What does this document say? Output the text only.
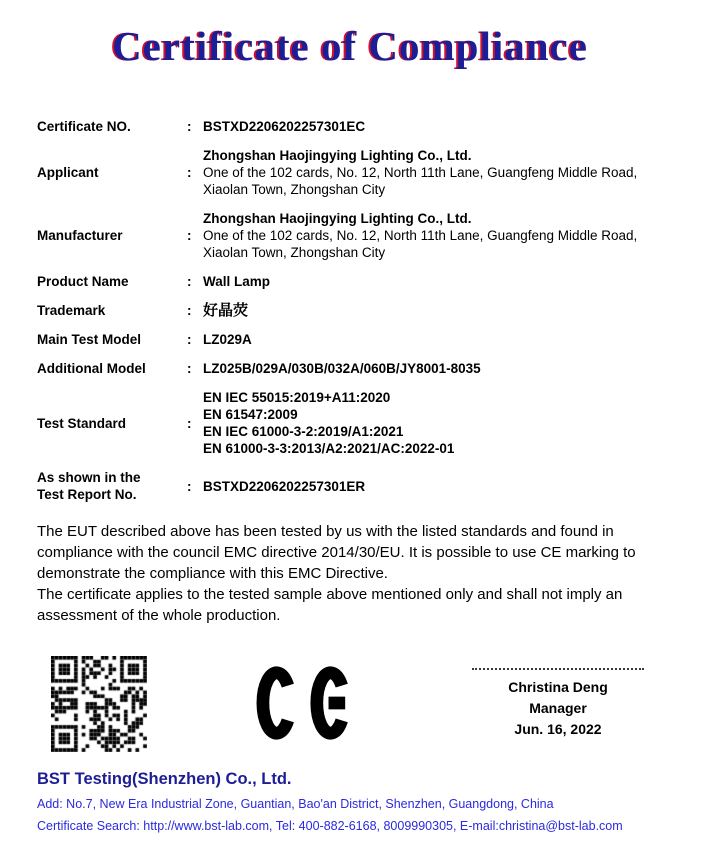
Certificate of Compliance
Certificate NO.	: BSTXD2206202257301EC
Applicant	:
Zhongshan Haojingying Lighting Co., Ltd.
One of the 102 cards, No. 12, North 11th Lane, Guangfeng Middle Road, Xiaolan Town, Zhongshan City
Manufacturer	:
Zhongshan Haojingying Lighting Co., Ltd.
One of the 102 cards, No. 12, North 11th Lane, Guangfeng Middle Road, Xiaolan Town, Zhongshan City
Product Name	: Wall Lamp
Trademark	: 好晶荧
Main Test Model	: LZ029A
Additional Model	: LZ025B/029A/030B/032A/060B/JY8001-8035
Test Standard	:
EN IEC 55015:2019+A11:2020
EN 61547:2009
EN IEC 61000-3-2:2019/A1:2021
EN 61000-3-3:2013/A2:2021/AC:2022-01
As shown in the
Test Report No.
: BSTXD2206202257301ER

The EUT described above has been tested by us with the listed standards and found in compliance with the council EMC directive 2014/30/EU. It is possible to use CE marking to demonstrate the compliance with this EMC Directive.

The certificate applies to the tested sample above mentioned only and shall not imply an assessment of the whole production.

Christina Deng
Manager
Jun. 16, 2022
BST Testing(Shenzhen) Co., Ltd.
Add: No.7, New Era Industrial Zone, Guantian, Bao'an District, Shenzhen, Guangdong, China
Certificate Search: http://www.bst-lab.com, Tel: 400-882-6168, 8009990305, E-mail:christina@bst-lab.com
